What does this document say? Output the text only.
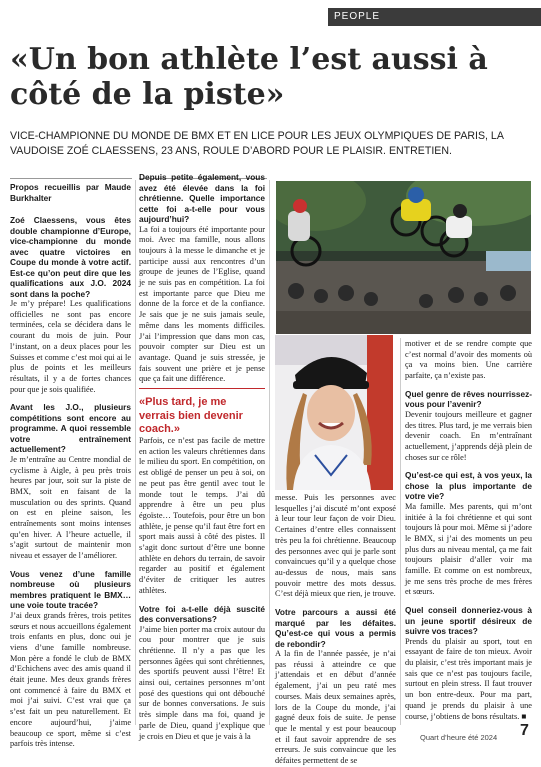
PEOPLE
«Un bon athlète l’est aussi à côté de la piste»

VICE-CHAMPIONNE DU MONDE DE BMX ET EN LICE POUR LES JEUX OLYMPIQUES DE PARIS, LA VAUDOISE ZOÉ CLAESSENS, 23 ANS, ROULE D’ABORD POUR LE PLAISIR. ENTRETIEN.

Propos recueillis par Maude Burkhalter

Zoé Claessens, vous êtes double championne d’Europe, vice-championne du monde avec quatre victoires en Coupe du monde à votre actif. Est-ce qu’on peut dire que les qualifications aux J.O. 2024 sont dans la poche?

Je m’y prépare! Les qualifications officielles ne sont pas encore terminées, cela se décidera dans le courant du mois de juin. Pour l’instant, on a deux places pour les Suisses et comme c’est moi qui ai le plus de points et les meilleurs résultats, il y a de fortes chances pour que je sois qualifiée.

Avant les J.O., plusieurs compétitions sont encore au programme. A quoi ressemble votre entraînement actuellement?

Je m’entraîne au Centre mondial de cyclisme à Aigle, à peu près trois heures par jour, soit sur la piste de BMX, soit en faisant de la musculation ou des sprints. Quand on est en pleine saison, les entraînements sont moins intenses qu’en hiver. A l’heure actuelle, il s’agit surtout de maintenir mon niveau et essayer de l’améliorer.

Vous venez d’une famille nombreuse où plusieurs membres pratiquent le BMX… une voie toute tracée?

J’ai deux grands frères, trois petites sœurs et nous accueillons également trois enfants en plus, donc oui je viens d’une famille nombreuse. Mon père a fondé le club de BMX d’Echichens avec des amis quand il était jeune. Mes deux grands frères ont commencé à faire du BMX et moi j’ai suivi. C’est vrai que ça s’est fait un peu naturellement. Et encore aujourd’hui, j’aime beaucoup ce sport, même si c’est parfois très intense.

Depuis petite également, vous avez été élevée dans la foi chrétienne. Quelle importance cette foi a-t-elle pour vous aujourd’hui?

La foi a toujours été importante pour moi. Avec ma famille, nous allons toujours à la messe le dimanche et je participe aussi aux rencontres d’un groupe de jeunes de l’Eglise, quand je ne suis pas en compétition. La foi est importante parce que Dieu me donne de la force et de la confiance. Je sais que je ne suis jamais seule, même dans les moments difficiles. J’ai l’impression que dans mon cas, pouvoir compter sur Dieu est un avantage. Quand je suis stressée, je fais souvent une prière et je pense que ça fait une différence.

«Plus tard, je me verrais bien devenir coach.»

Parfois, ce n’est pas facile de mettre en action les valeurs chrétiennes dans le milieu du sport. En compétition, on est obligé de penser un peu à soi, on ne peut pas être gentil avec tout le monde tout le temps. J’ai dû apprendre à être un peu plus égoïste… Toutefois, pour être un bon athlète, je pense qu’il faut être fort en sport mais aussi à côté des pistes. Il s’agit donc surtout d’être une bonne athlète en dehors du terrain, de savoir regarder au positif et également d’éviter de critiquer les autres athlètes.

Votre foi a-t-elle déjà suscité des conversations?

J’aime bien porter ma croix autour du cou pour montrer que je suis chrétienne. Il n’y a pas que les personnes âgées qui sont chrétiennes, des sportifs peuvent aussi l’être! Et ainsi oui, certaines personnes m’ont posé des questions qui ont débouché sur de bonnes conversations. Je suis très simple dans ma foi, quand je parle de Dieu, quand j’explique que je crois en Dieu et que je vais à la

messe. Puis les personnes avec lesquelles j’ai discuté m’ont exposé à leur tour leur façon de voir Dieu. Certaines d’entre elles connaissent très peu la foi chrétienne. Beaucoup des personnes avec qui je parle sont convaincues qu’il y a quelque chose au-dessus de nous, mais sans pouvoir mettre des mots dessus. C’est déjà mieux que rien, je trouve.

Votre parcours a aussi été marqué par les défaites. Qu’est-ce qui vous a permis de rebondir?

A la fin de l’année passée, je n’ai pas réussi à atteindre ce que j’attendais et en début d’année également, j’ai un peu raté mes courses. Mais deux semaines après, lors de la Coupe du monde, j’ai gagné deux fois de suite. Je pense que le mental y est pour beaucoup et il faut savoir apprendre de ses erreurs. Je suis convaincue que les défaites permettent de se

motiver et de se rendre compte que c’est normal d’avoir des moments où ça va moins bien. Une carrière parfaite, ça n’existe pas.

Quel genre de rêves nourrissez-vous pour l’avenir?

Devenir toujours meilleure et gagner des titres. Plus tard, je me verrais bien devenir coach. En m’entraînant actuellement, j’apprends déjà plein de choses sur ce rôle!

Qu’est-ce qui est, à vos yeux, la chose la plus importante de votre vie?

Ma famille. Mes parents, qui m’ont initiée à la foi chrétienne et qui sont toujours là pour moi. Même si j’adore le BMX, si j’ai des moments un peu plus durs au niveau mental, ça me fait toujours plaisir d’aller voir ma famille. Et comme on est nombreux, je me sens très proche de mes frères et sœurs.

Quel conseil donneriez-vous à un jeune sportif désireux de suivre vos traces?

Prends du plaisir au sport, tout en essayant de faire de ton mieux. Avoir du plaisir, c’est très important mais je sais que ce n’est pas toujours facile, surtout en plein stress. Il faut trouver un bon entre-deux. Pour ma part, quand je prends du plaisir à une course, j’obtiens de bons résultats. ■

Quart d’heure été 2024 7
